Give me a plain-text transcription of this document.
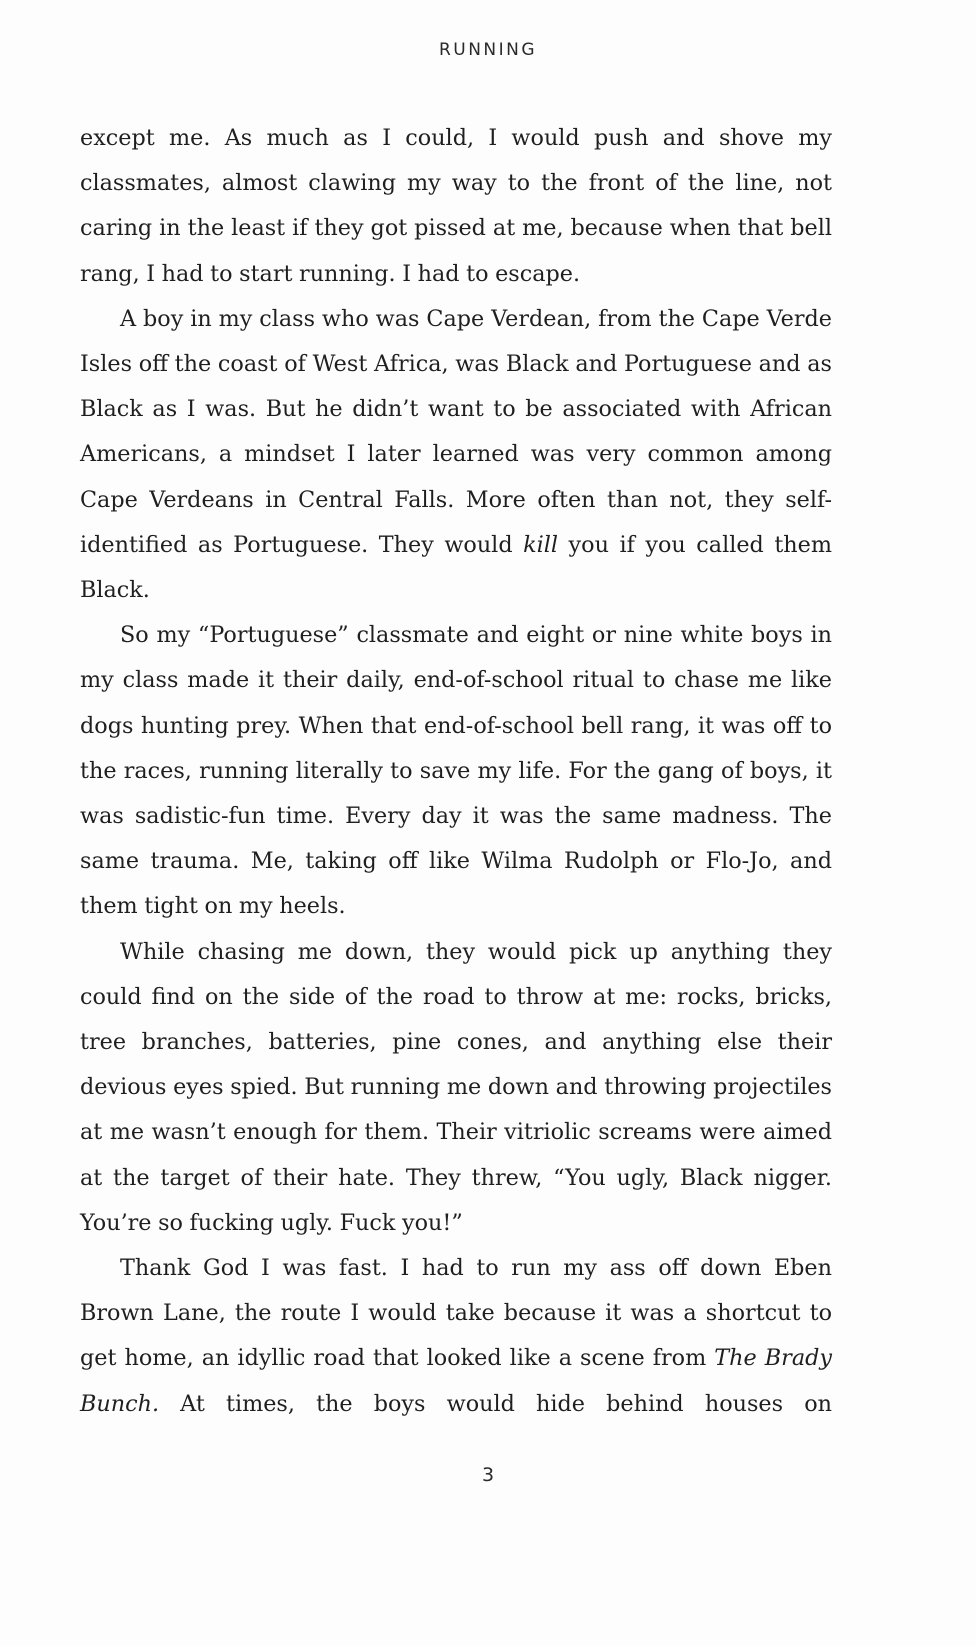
RUNNING

except me. As much as I could, I would push and shove my classmates, almost clawing my way to the front of the line, not caring in the least if they got pissed at me, because when that bell rang, I had to start running. I had to escape.

A boy in my class who was Cape Verdean, from the Cape Verde Isles off the coast of West Africa, was Black and Portuguese and as Black as I was. But he didn’t want to be associated with African Americans, a mindset I later learned was very common among Cape Verdeans in Central Falls. More often than not, they self-identified as Portuguese. They would kill you if you called them Black.

So my “Portuguese” classmate and eight or nine white boys in my class made it their daily, end-of-school ritual to chase me like dogs hunting prey. When that end-of-school bell rang, it was off to the races, running literally to save my life. For the gang of boys, it was sadistic-fun time. Every day it was the same madness. The same trauma. Me, taking off like Wilma Rudolph or Flo-Jo, and them tight on my heels.

While chasing me down, they would pick up anything they could find on the side of the road to throw at me: rocks, bricks, tree branches, batteries, pine cones, and anything else their devious eyes spied. But running me down and throwing projectiles at me wasn’t enough for them. Their vitriolic screams were aimed at the target of their hate. They threw, “You ugly, Black nigger. You’re so fucking ugly. Fuck you!”

Thank God I was fast. I had to run my ass off down Eben Brown Lane, the route I would take because it was a shortcut to get home, an idyllic road that looked like a scene from The Brady Bunch. At times, the boys would hide behind houses on

3
